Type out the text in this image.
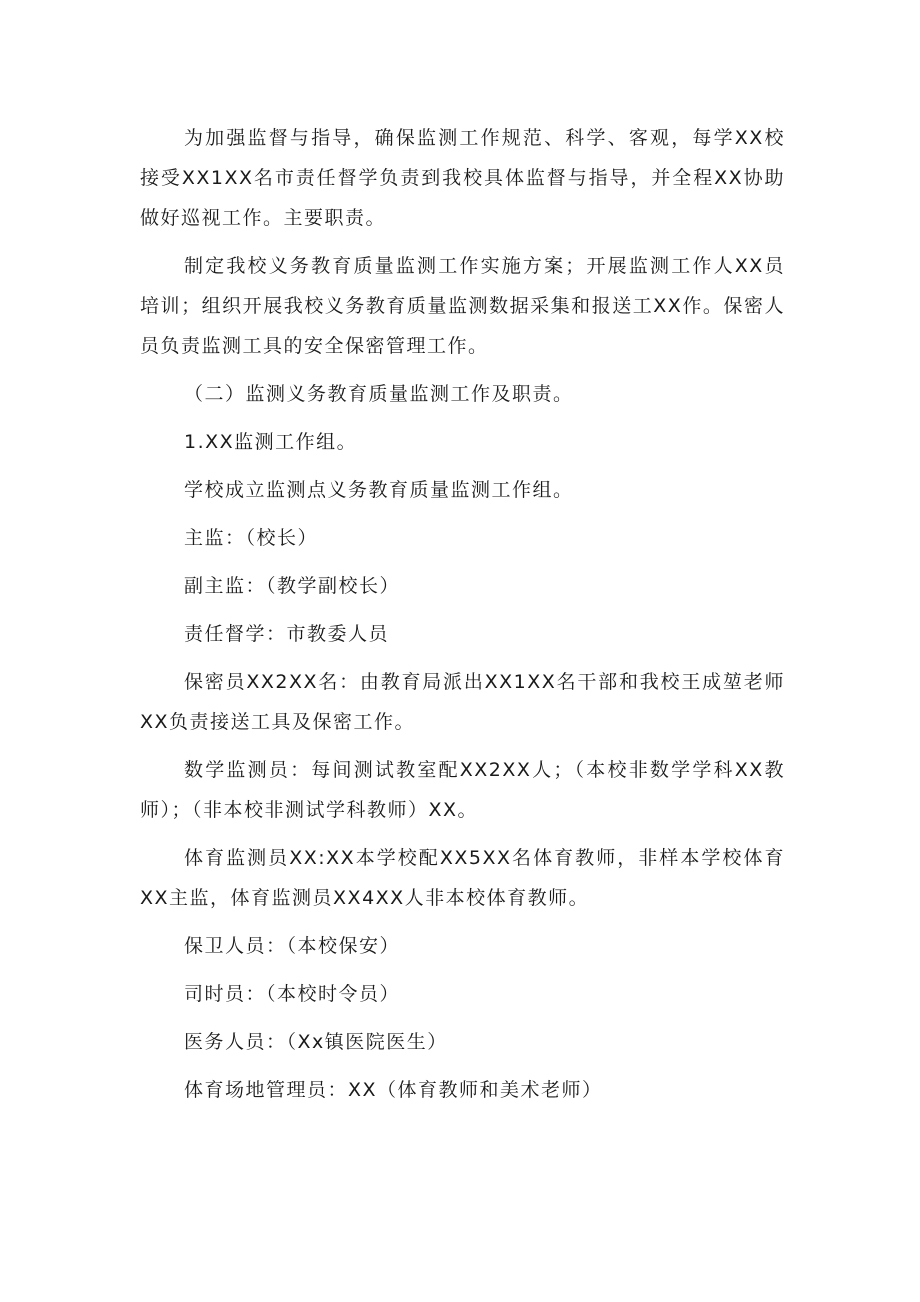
为加强监督与指导，确保监测工作规范、科学、客观，每学XX校接受XX1XX名市责任督学负责到我校具体监督与指导，并全程XX协助做好巡视工作。主要职责。

制定我校义务教育质量监测工作实施方案；开展监测工作人XX员培训；组织开展我校义务教育质量监测数据采集和报送工XX作。保密人员负责监测工具的安全保密管理工作。

（二）监测义务教育质量监测工作及职责。

1.XX监测工作组。

学校成立监测点义务教育质量监测工作组。

主监：（校长）

副主监：（教学副校长）

责任督学：市教委人员

保密员XX2XX名：由教育局派出XX1XX名干部和我校王成堃老师XX负责接送工具及保密工作。

数学监测员：每间测试教室配XX2XX人；（本校非数学学科XX教师）；（非本校非测试学科教师）XX。

体育监测员XX:XX本学校配XX5XX名体育教师，非样本学校体育XX主监，体育监测员XX4XX人非本校体育教师。

保卫人员：（本校保安）

司时员：（本校时令员）

医务人员：（Xx镇医院医生）

体育场地管理员：XX（体育教师和美术老师）
